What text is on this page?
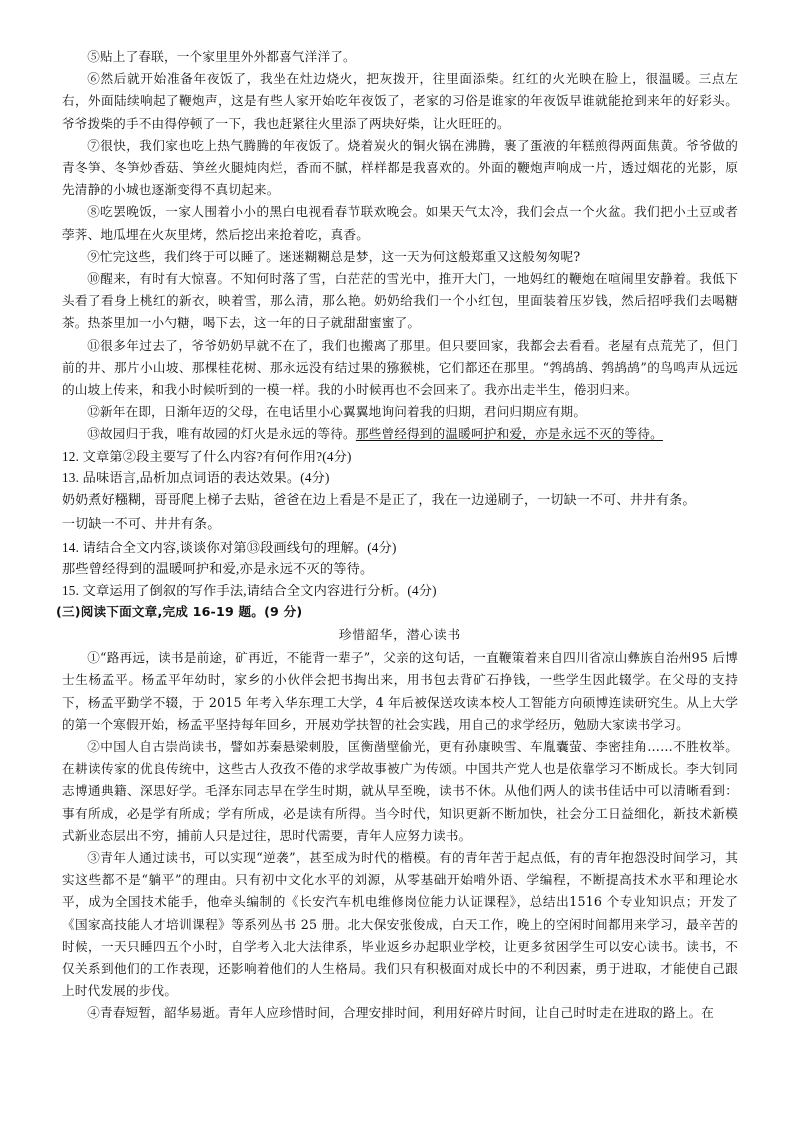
⑤贴上了春联，一个家里里外外都喜气洋洋了。

⑥然后就开始准备年夜饭了，我坐在灶边烧火，把灰拨开，往里面添柴。红红的火光映在脸上，很温暖。三点左右，外面陆续响起了鞭炮声，这是有些人家开始吃年夜饭了，老家的习俗是谁家的年夜饭早谁就能抢到来年的好彩头。爷爷拨柴的手不由得停顿了一下，我也赶紧往火里添了两块好柴，让火旺旺的。

⑦很快，我们家也吃上热气腾腾的年夜饭了。烧着炭火的铜火锅在沸腾，裹了蛋液的年糕煎得两面焦黄。爷爷做的青冬笋、冬笋炒香菇、笋丝火腿炖肉烂，香而不腻，样样都是我喜欢的。外面的鞭炮声响成一片，透过烟花的光影，原先清静的小城也逐渐变得不真切起来。

⑧吃罢晚饭，一家人围着小小的黑白电视看春节联欢晚会。如果天气太冷，我们会点一个火盆。我们把小土豆或者荸荠、地瓜埋在火灰里烤，然后挖出来抢着吃，真香。

⑨忙完这些，我们终于可以睡了。迷迷糊糊总是梦，这一天为何这般郑重又这般匆匆呢?

⑩醒来，有时有大惊喜。不知何时落了雪，白茫茫的雪光中，推开大门，一地妈红的鞭炮在喧闹里安静着。我低下头看了看身上桃红的新衣，映着雪，那么清，那么艳。奶奶给我们一个小红包，里面装着压岁钱，然后招呼我们去喝糖茶。热茶里加一小勺糖，喝下去，这一年的日子就甜甜蜜蜜了。

⑪很多年过去了，爷爷奶奶早就不在了，我们也搬离了那里。但只要回家，我都会去看看。老屋有点荒芜了，但门前的井、那片小山坡、那棵桂花树、那永远没有结过果的猕猴桃，它们都还在那里。“鹁鸪鸪、鹁鸪鸪”的鸟鸣声从远远的山坡上传来，和我小时候听到的一模一样。我的小时候再也不会回来了。我亦出走半生，倦羽归来。

⑫新年在即，日渐年迈的父母，在电话里小心翼翼地询问着我的归期，君问归期应有期。

⑬故园归于我，唯有故园的灯火是永远的等待。那些曾经得到的温暖呵护和爱，亦是永远不灭的等待。

12. 文章第②段主要写了什么内容?有何作用?(4分)

13. 品味语言,品析加点词语的表达效果。(4分)

奶奶煮好糨糊，哥哥爬上梯子去贴，爸爸在边上看是不是正了，我在一边递刷子，一切缺一不可、井井有条。

一切缺一不可、井井有条。

14. 请结合全文内容,谈谈你对第⑬段画线句的理解。(4分)

那些曾经得到的温暖呵护和爱,亦是永远不灭的等待。

15. 文章运用了倒叙的写作手法,请结合全文内容进行分析。(4分)

(三)阅读下面文章,完成 16-19 题。(9 分)

珍惜韶华，潜心读书

①“路再远，读书是前途，矿再近，不能背一辈子”，父亲的这句话，一直鞭策着来自四川省凉山彝族自治州95 后博士生杨孟平。杨孟平年幼时，家乡的小伙伴会把书掏出来，用书包去背矿石挣钱，一些学生因此辍学。在父母的支持下，杨孟平勤学不辍，于 2015 年考入华东理工大学，4 年后被保送攻读本校人工智能方向硕博连读研究生。从上大学的第一个寒假开始，杨孟平坚持每年回乡，开展劝学扶智的社会实践，用自己的求学经历，勉励大家读书学习。

②中国人自古崇尚读书，譬如苏秦悬梁刺股，匡衡凿壁偷光，更有孙康映雪、车胤囊萤、李密挂角……不胜枚举。在耕读传家的优良传统中，这些古人孜孜不倦的求学故事被广为传颂。中国共产党人也是依靠学习不断成长。李大钊同志博通典籍、深思好学。毛泽东同志早在学生时期，就从早至晚，读书不休。从他们两人的读书佳话中可以清晰看到：事有所成，必是学有所成；学有所成，必是读有所得。当今时代，知识更新不断加快，社会分工日益细化，新技术新模式新业态层出不穷，捕前人只是过往，思时代需要，青年人应努力读书。

③青年人通过读书，可以实现“逆袭”，甚至成为时代的楷模。有的青年苦于起点低，有的青年抱怨没时间学习，其实这些都不是“躺平”的理由。只有初中文化水平的刘源，从零基础开始啃外语、学编程，不断提高技术水平和理论水平，成为全国技术能手，他牵头编制的《长安汽车机电维修岗位能力认证课程》，总结出1516 个专业知识点；开发了《国家高技能人才培训课程》等系列丛书 25 册。北大保安张俊成，白天工作，晚上的空闲时间都用来学习，最辛苦的时候，一天只睡四五个小时，自学考入北大法律系，毕业返乡办起职业学校，让更多贫困学生可以安心读书。读书，不仅关系到他们的工作表现，还影响着他们的人生格局。我们只有积极面对成长中的不利因素，勇于进取，才能使自己跟上时代发展的步伐。

④青春短暂，韶华易逝。青年人应珍惜时间，合理安排时间，利用好碎片时间，让自己时时走在进取的路上。在
